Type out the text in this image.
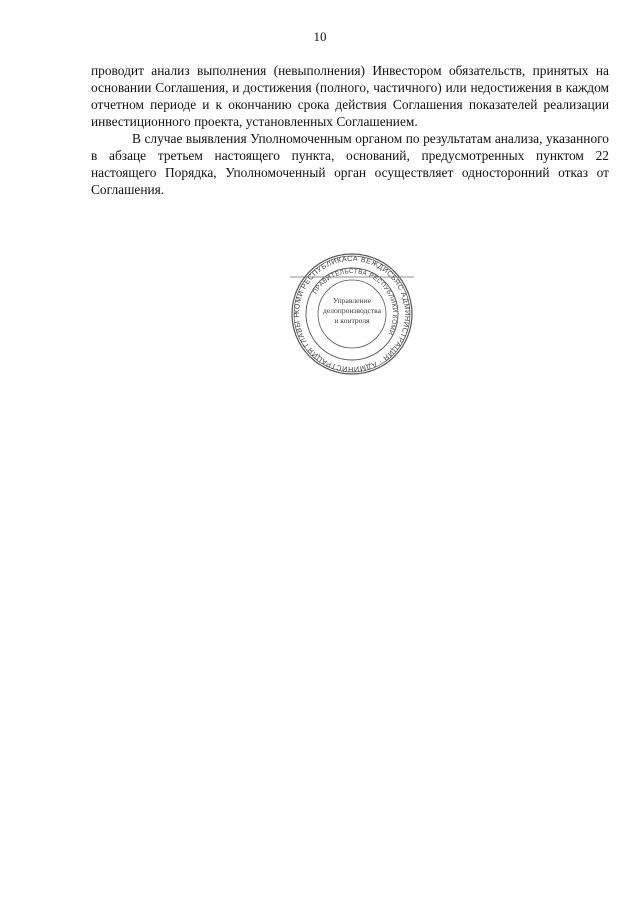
10

проводит анализ выполнения (невыполнения) Инвестором обязательств, принятых на основании Соглашения, и достижения (полного, частичного) или недостижения в каждом отчетном периоде и к окончанию срока действия Соглашения показателей реализации инвестиционного проекта, установленных Соглашением.

В случае выявления Уполномоченным органом по результатам анализа, указанного в абзаце третьем настоящего пункта, оснований, предусмотренных пунктом 22 настоящего Порядка, Уполномоченный орган осуществляет односторонний отказ от Соглашения.

КОМИ РЕСПУБЛИКАСА ВЕЖДИСЬЯС АДМИНИСТРАЦИЯ · АДМИНИСТРАЦИЯ ГЛАВЫ Р
ПРАВИТЕЛЬСТВА РЕСПУБЛИКИ КОМИ
Управление
делопроизводства
и контроля
